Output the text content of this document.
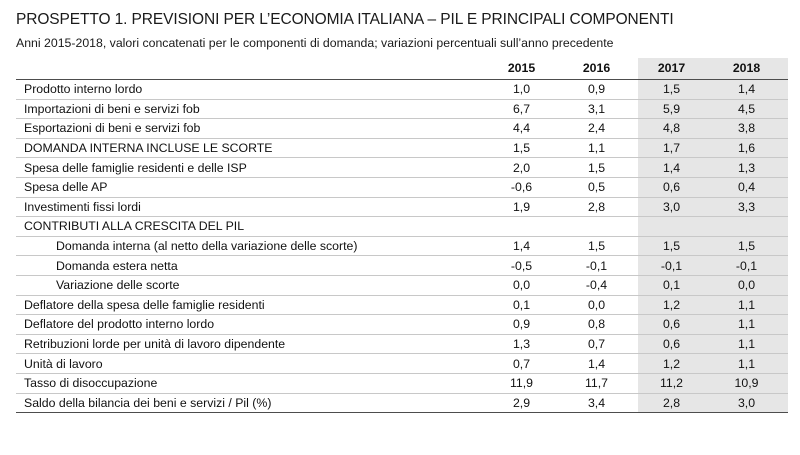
PROSPETTO 1. PREVISIONI PER L’ECONOMIA ITALIANA – PIL E PRINCIPALI COMPONENTI
Anni 2015-2018, valori concatenati per le componenti di domanda; variazioni percentuali sull’anno precedente
	2015	2016	2017	2018
Prodotto interno lordo	1,0	0,9	1,5	1,4
Importazioni di beni e servizi fob	6,7	3,1	5,9	4,5
Esportazioni di beni e servizi fob	4,4	2,4	4,8	3,8
DOMANDA INTERNA INCLUSE LE SCORTE	1,5	1,1	1,7	1,6
Spesa delle famiglie residenti e delle ISP	2,0	1,5	1,4	1,3
Spesa delle AP	-0,6	0,5	0,6	0,4
Investimenti fissi lordi	1,9	2,8	3,0	3,3
CONTRIBUTI ALLA CRESCITA DEL PIL				
Domanda interna (al netto della variazione delle scorte)	1,4	1,5	1,5	1,5
Domanda estera netta	-0,5	-0,1	-0,1	-0,1
Variazione delle scorte	0,0	-0,4	0,1	0,0
Deflatore della spesa delle famiglie residenti	0,1	0,0	1,2	1,1
Deflatore del prodotto interno lordo	0,9	0,8	0,6	1,1
Retribuzioni lorde per unità di lavoro dipendente	1,3	0,7	0,6	1,1
Unità di lavoro	0,7	1,4	1,2	1,1
Tasso di disoccupazione	11,9	11,7	11,2	10,9
Saldo della bilancia dei beni e servizi / Pil (%)	2,9	3,4	2,8	3,0
